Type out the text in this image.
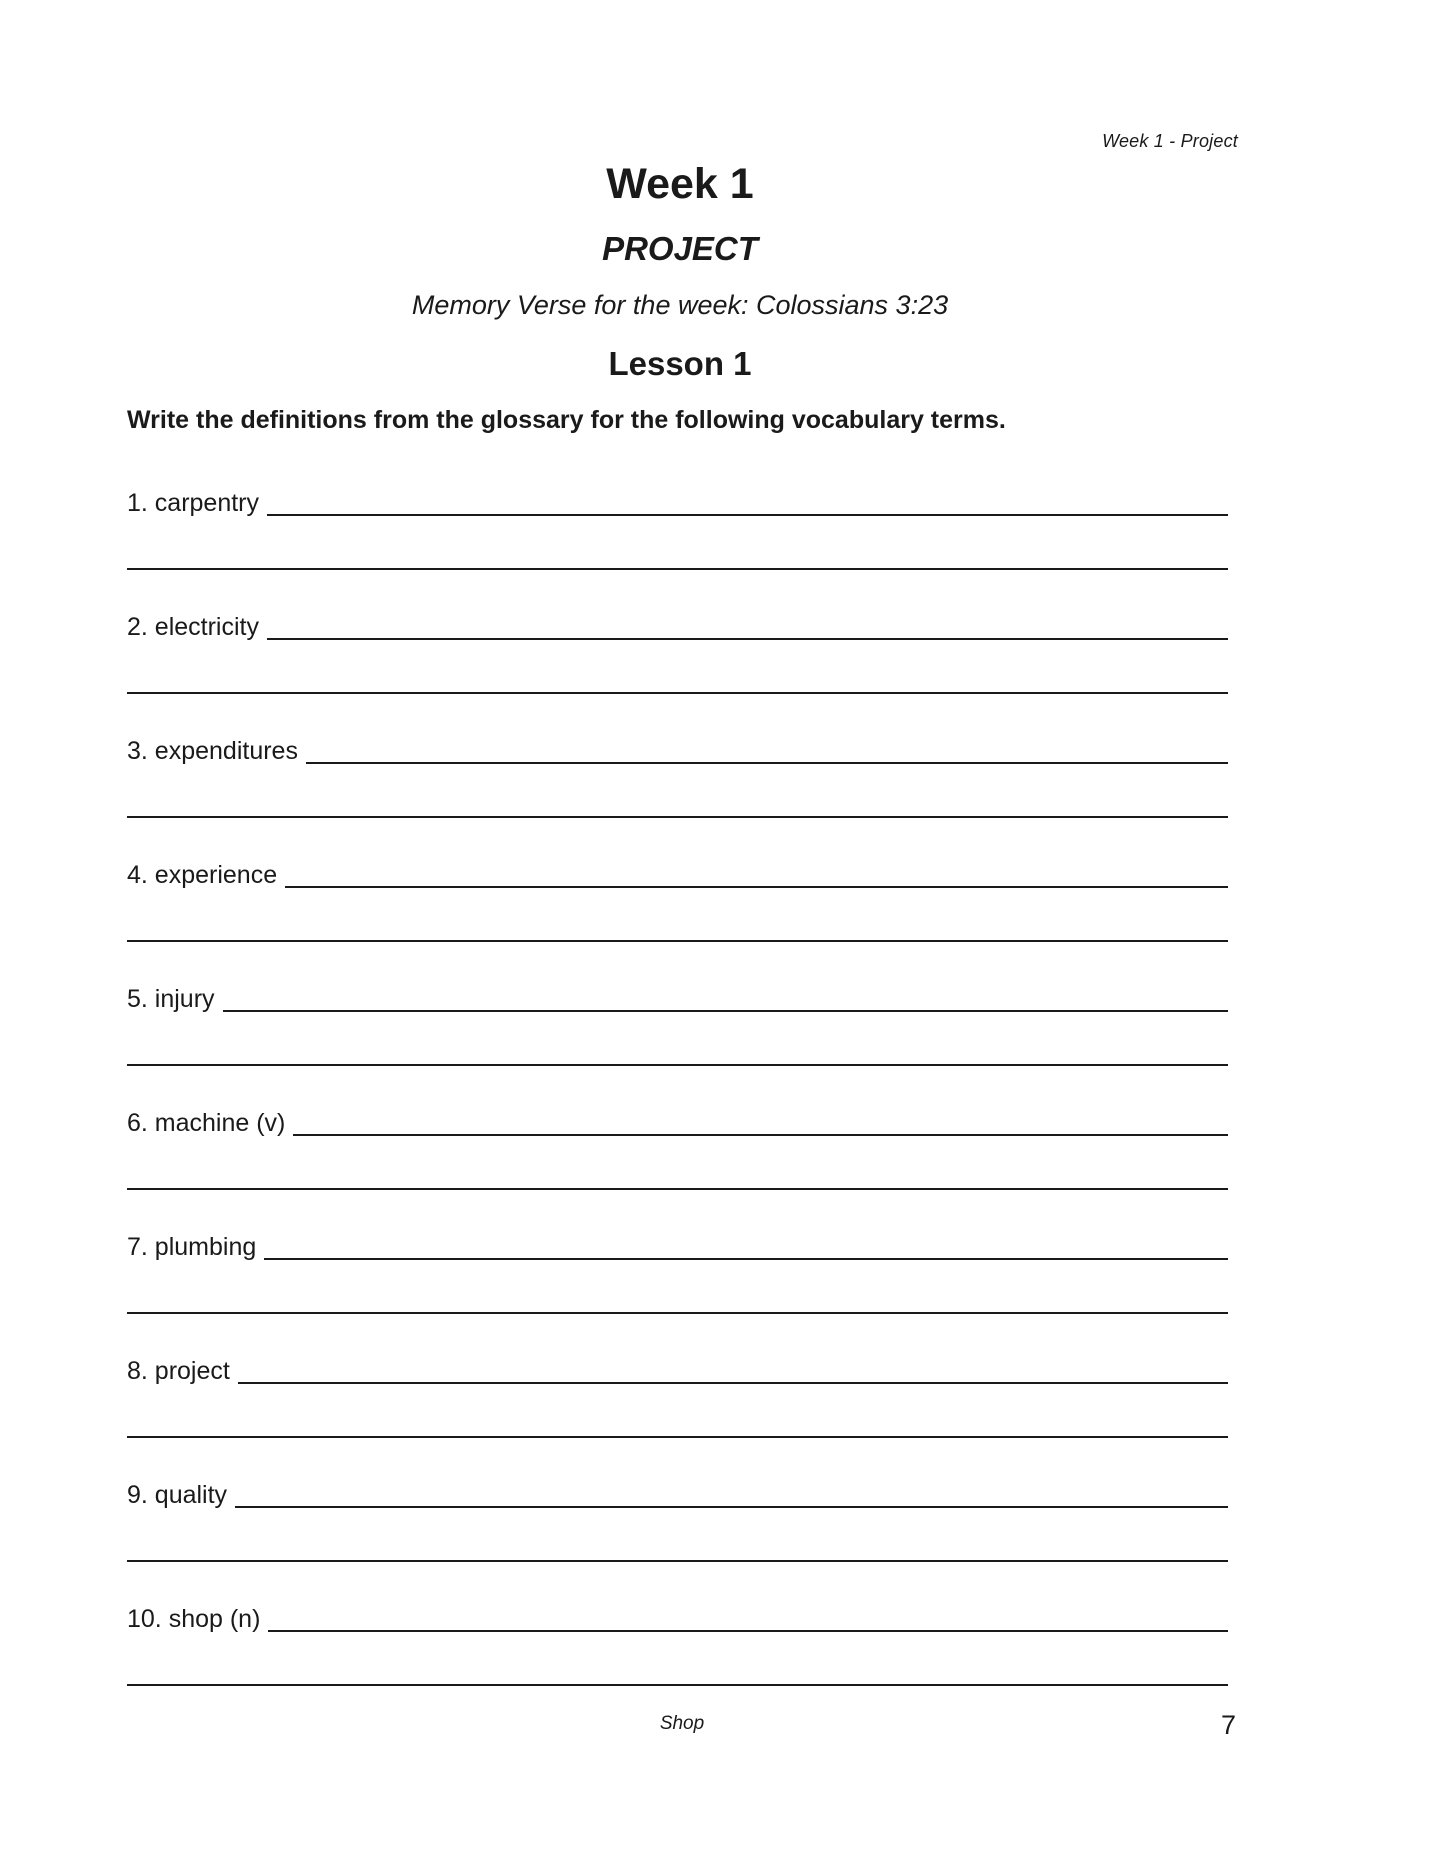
Week 1 - Project
Week 1
PROJECT
Memory Verse for the week: Colossians 3:23
Lesson 1
Write the definitions from the glossary for the following vocabulary terms.
1. carpentry
2. electricity
3. expenditures
4. experience
5. injury
6. machine (v)
7. plumbing
8. project
9. quality
10. shop (n)
Shop	7
